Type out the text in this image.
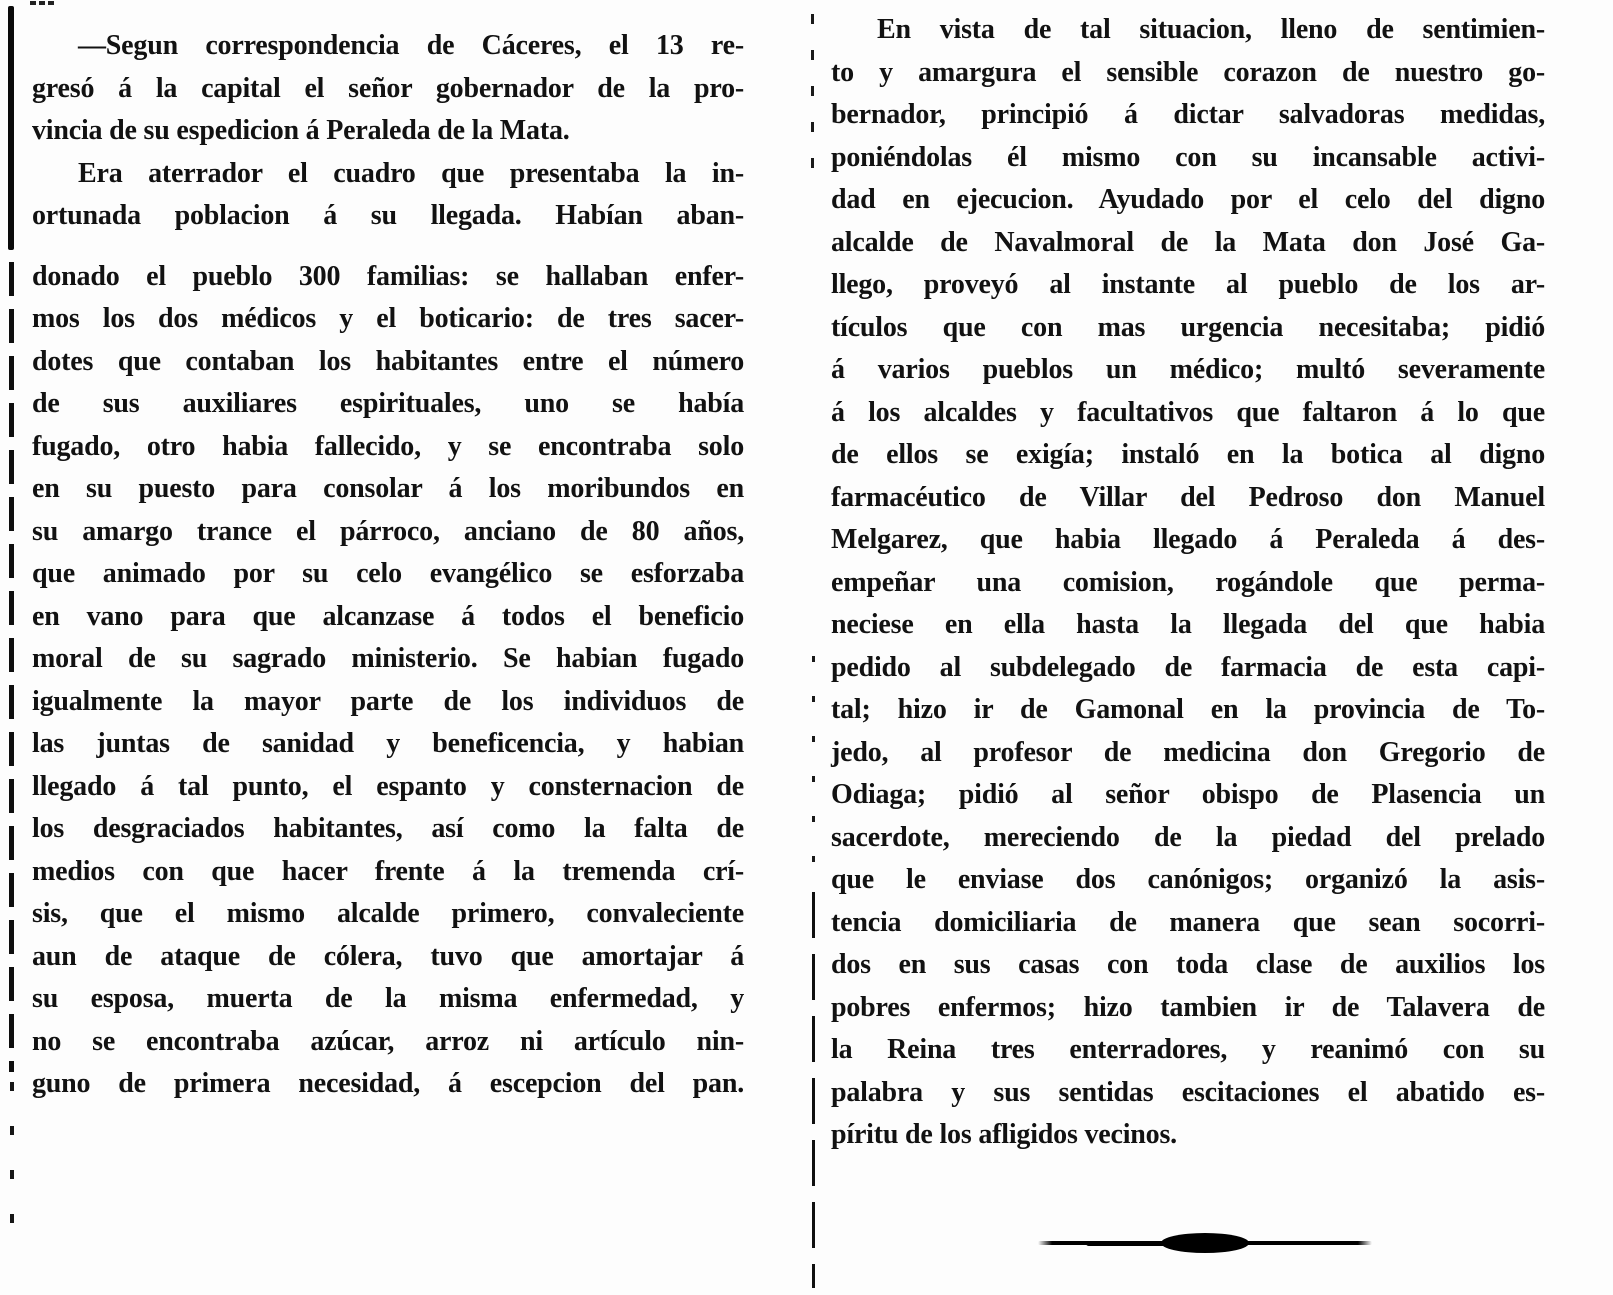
—Segun correspondencia de Cáceres, el 13 re-
gresó á la capital el señor gobernador de la pro-
vincia de su espedicion á Peraleda de la Mata.
Era aterrador el cuadro que presentaba la in-
ortunada poblacion á su llegada. Habían aban-
donado el pueblo 300 familias: se hallaban enfer-
mos los dos médicos y el boticario: de tres sacer-
dotes que contaban los habitantes entre el número
de sus auxiliares espirituales, uno se había
fugado, otro habia fallecido, y se encontraba solo
en su puesto para consolar á los moribundos en
su amargo trance el párroco, anciano de 80 años,
que animado por su celo evangélico se esforzaba
en vano para que alcanzase á todos el beneficio
moral de su sagrado ministerio. Se habian fugado
igualmente la mayor parte de los individuos de
las juntas de sanidad y beneficencia, y habian
llegado á tal punto, el espanto y consternacion de
los desgraciados habitantes, así como la falta de
medios con que hacer frente á la tremenda crí-
sis, que el mismo alcalde primero, convaleciente
aun de ataque de cólera, tuvo que amortajar á
su esposa, muerta de la misma enfermedad, y
no se encontraba azúcar, arroz ni artículo nin-
guno de primera necesidad, á escepcion del pan.
En vista de tal situacion, lleno de sentimien-
to y amargura el sensible corazon de nuestro go-
bernador, principió á dictar salvadoras medidas,
poniéndolas él mismo con su incansable activi-
dad en ejecucion. Ayudado por el celo del digno
alcalde de Navalmoral de la Mata don José Ga-
llego, proveyó al instante al pueblo de los ar-
tículos que con mas urgencia necesitaba; pidió
á varios pueblos un médico; multó severamente
á los alcaldes y facultativos que faltaron á lo que
de ellos se exigía; instaló en la botica al digno
farmacéutico de Villar del Pedroso don Manuel
Melgarez, que habia llegado á Peraleda á des-
empeñar una comision, rogándole que perma-
neciese en ella hasta la llegada del que habia
pedido al subdelegado de farmacia de esta capi-
tal; hizo ir de Gamonal en la provincia de To-
jedo, al profesor de medicina don Gregorio de
Odiaga; pidió al señor obispo de Plasencia un
sacerdote, mereciendo de la piedad del prelado
que le enviase dos canónigos; organizó la asis-
tencia domiciliaria de manera que sean socorri-
dos en sus casas con toda clase de auxilios los
pobres enfermos; hizo tambien ir de Talavera de
la Reina tres enterradores, y reanimó con su
palabra y sus sentidas escitaciones el abatido es-
píritu de los afligidos vecinos.
